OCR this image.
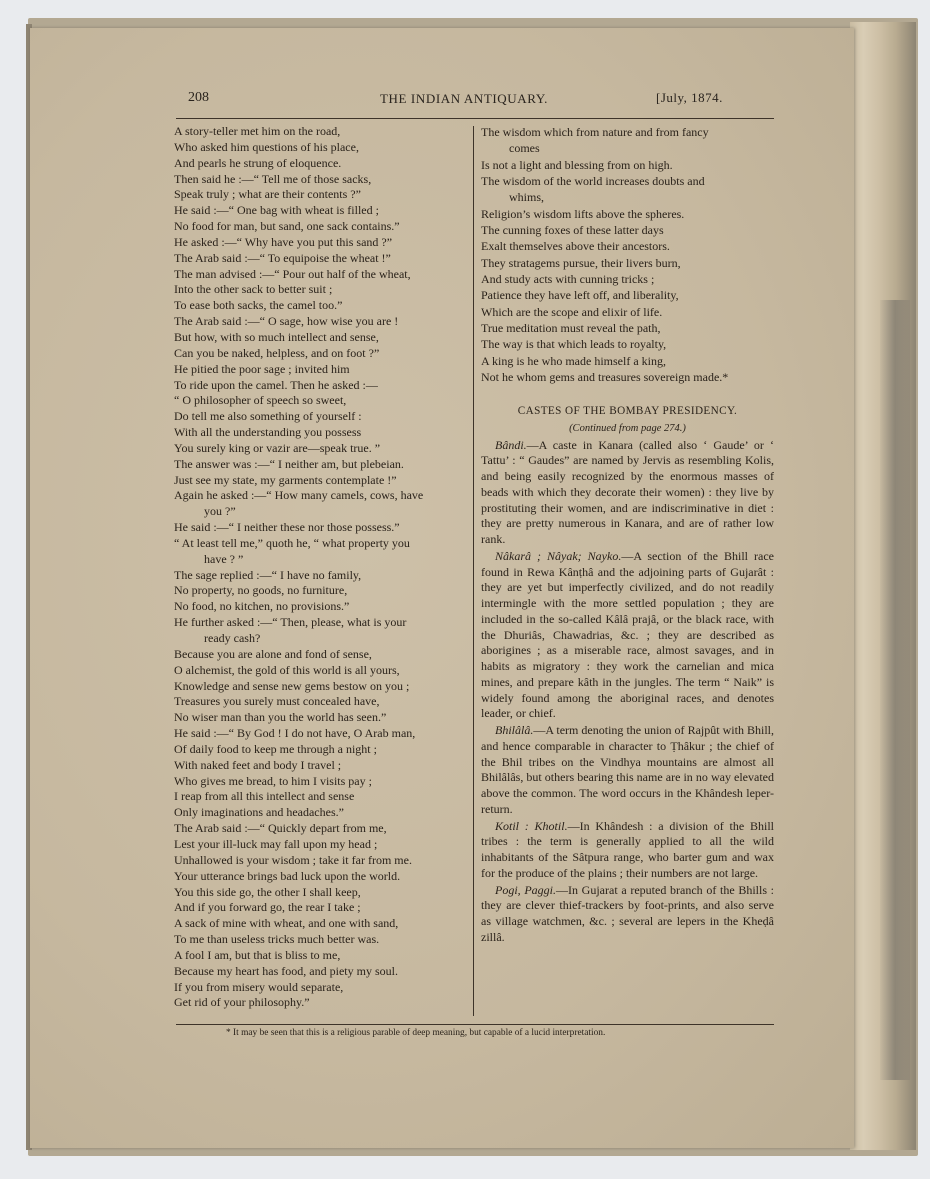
208	THE INDIAN ANTIQUARY.	[July, 1874.
A story-teller met him on the road,
Who asked him questions of his place,
And pearls he strung of eloquence.
Then said he :—“ Tell me of those sacks,
Speak truly ; what are their contents ?”
He said :—“ One bag with wheat is filled ;
No food for man, but sand, one sack contains.”
He asked :—“ Why have you put this sand ?”
The Arab said :—“ To equipoise the wheat !”
The man advised :—“ Pour out half of the wheat,
Into the other sack to better suit ;
To ease both sacks, the camel too.”
The Arab said :—“ O sage, how wise you are !
But how, with so much intellect and sense,
Can you be naked, helpless, and on foot ?”
He pitied the poor sage ; invited him
To ride upon the camel. Then he asked :—
“ O philosopher of speech so sweet,
Do tell me also something of yourself :
With all the understanding you possess
You surely king or vazir are—speak true. ”
The answer was :—“ I neither am, but plebeian.
Just see my state, my garments contemplate !”
Again he asked :—“ How many camels, cows, have
you ?”
He said :—“ I neither these nor those possess.”
“ At least tell me,” quoth he, “ what property you
have ? ”
The sage replied :—“ I have no family,
No property, no goods, no furniture,
No food, no kitchen, no provisions.”
He further asked :—“ Then, please, what is your
ready cash?
Because you are alone and fond of sense,
O alchemist, the gold of this world is all yours,
Knowledge and sense new gems bestow on you ;
Treasures you surely must concealed have,
No wiser man than you the world has seen.”
He said :—“ By God ! I do not have, O Arab man,
Of daily food to keep me through a night ;
With naked feet and body I travel ;
Who gives me bread, to him I visits pay ;
I reap from all this intellect and sense
Only imaginations and headaches.”
The Arab said :—“ Quickly depart from me,
Lest your ill-luck may fall upon my head ;
Unhallowed is your wisdom ; take it far from me.
Your utterance brings bad luck upon the world.
You this side go, the other I shall keep,
And if you forward go, the rear I take ;
A sack of mine with wheat, and one with sand,
To me than useless tricks much better was.
A fool I am, but that is bliss to me,
Because my heart has food, and piety my soul.
If you from misery would separate,
Get rid of your philosophy.”
The wisdom which from nature and from fancy
comes
Is not a light and blessing from on high.
The wisdom of the world increases doubts and
whims,
Religion’s wisdom lifts above the spheres.
The cunning foxes of these latter days
Exalt themselves above their ancestors.
They stratagems pursue, their livers burn,
And study acts with cunning tricks ;
Patience they have left off, and liberality,
Which are the scope and elixir of life.
True meditation must reveal the path,
The way is that which leads to royalty,
A king is he who made himself a king,
Not he whom gems and treasures sovereign made.*
CASTES OF THE BOMBAY PRESIDENCY.
(Continued from page 274.)

Bândi.—A caste in Kanara (called also ‘ Gaude’ or ‘ Tattu’ : “ Gaudes” are named by Jervis as resembling Kolis, and being easily recognized by the enormous masses of beads with which they decorate their women) : they live by prostituting their women, and are indiscriminative in diet : they are pretty numerous in Kanara, and are of rather low rank.

Nâkarâ ; Nâyak; Nayko.—A section of the Bhill race found in Rewa Kânṭhâ and the adjoining parts of Gujarât : they are yet but imperfectly civilized, and do not readily intermingle with the more settled population ; they are included in the so-called Kâlâ prajâ, or the black race, with the Dhuriâs, Chawadrias, &c. ; they are described as aborigines ; as a miserable race, almost savages, and in habits as migratory : they work the carnelian and mica mines, and prepare kâth in the jungles. The term “ Naik” is widely found among the aboriginal races, and denotes leader, or chief.

Bhilâlâ.—A term denoting the union of Rajpût with Bhill, and hence comparable in character to Ṭhâkur ; the chief of the Bhil tribes on the Vindhya mountains are almost all Bhilâlâs, but others bearing this name are in no way elevated above the common. The word occurs in the Khândesh leper-return.

Kotil : Khotil.—In Khândesh : a division of the Bhill tribes : the term is generally applied to all the wild inhabitants of the Sâtpura range, who barter gum and wax for the produce of the plains ; their numbers are not large.

Pogi, Paggi.—In Gujarat a reputed branch of the Bhills : they are clever thief-trackers by foot-prints, and also serve as village watchmen, &c. ; several are lepers in the Kheḍâ zillâ.

* It may be seen that this is a religious parable of deep meaning, but capable of a lucid interpretation.
